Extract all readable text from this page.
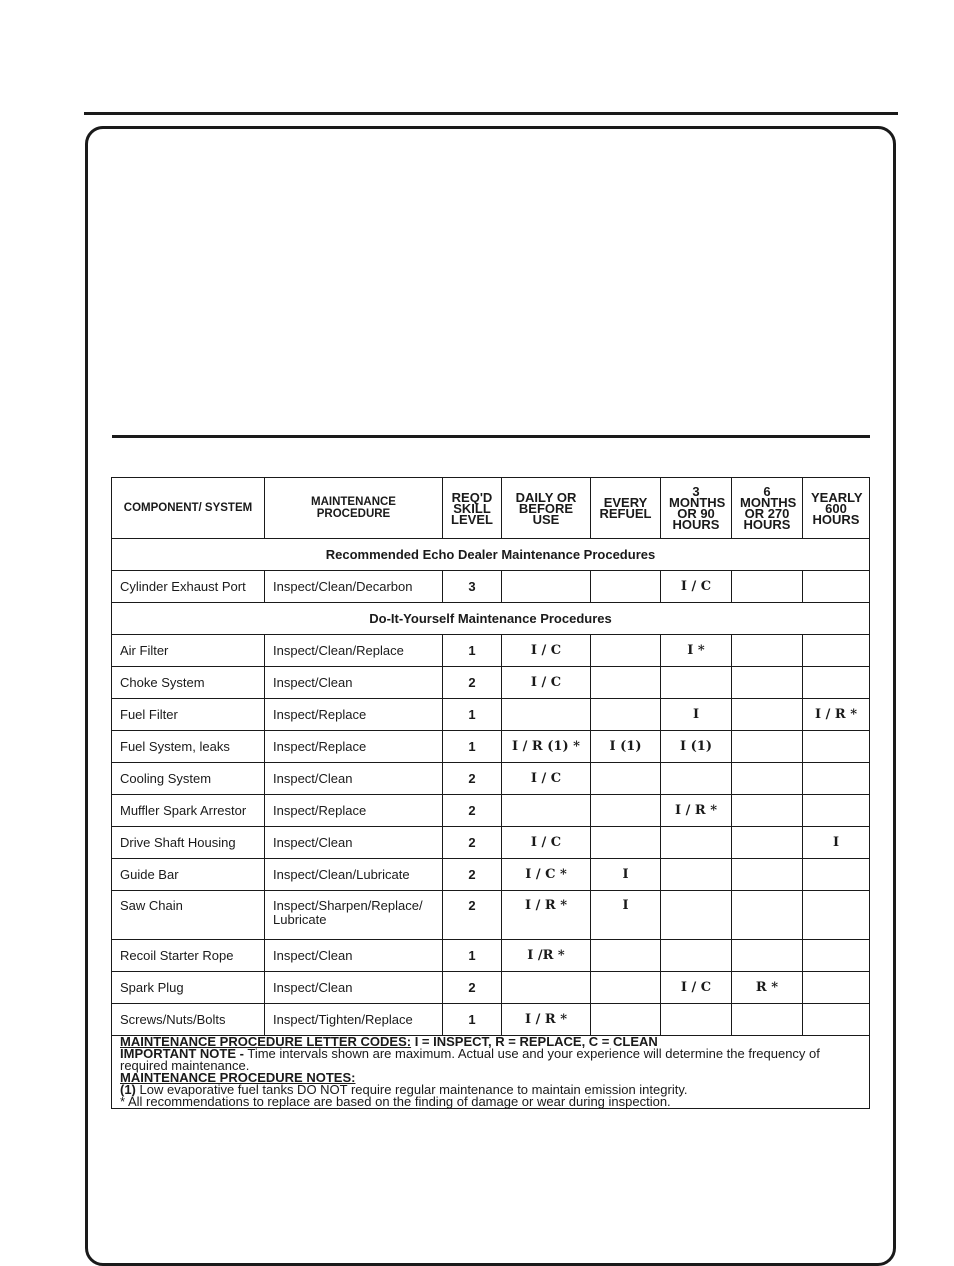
COMPONENT/ SYSTEM	MAINTENANCE PROCEDURE	REQ'D SKILL LEVEL	DAILY OR BEFORE USE	EVERY REFUEL	3 MONTHS OR 90 HOURS	6 MONTHS OR 270 HOURS	YEARLY 600 HOURS
Recommended Echo Dealer Maintenance Procedures							
Cylinder Exhaust Port	Inspect/Clean/Decarbon	3			I / C		
Do-It-Yourself Maintenance Procedures							
Air Filter	Inspect/Clean/Replace	1	I / C		I *		
Choke System	Inspect/Clean	2	I / C				
Fuel Filter	Inspect/Replace	1			I		I / R *
Fuel System, leaks	Inspect/Replace	1	I / R (1) *	I (1)	I (1)		
Cooling System	Inspect/Clean	2	I / C				
Muffler Spark Arrestor	Inspect/Replace	2			I / R *		
Drive Shaft Housing	Inspect/Clean	2	I / C				I
Guide Bar	Inspect/Clean/Lubricate	2	I / C *	I			
Saw Chain	Inspect/Sharpen/Replace/ Lubricate	2	I / R *	I			
Recoil Starter Rope	Inspect/Clean	1	I /R *				
Spark Plug	Inspect/Clean	2			I / C	R *	
Screws/Nuts/Bolts	Inspect/Tighten/Replace	1	I / R *				

MAINTENANCE PROCEDURE LETTER CODES: I = INSPECT, R = REPLACE, C = CLEAN
IMPORTANT NOTE - Time intervals shown are maximum. Actual use and your experience will determine the frequency of required maintenance.
MAINTENANCE PROCEDURE NOTES:
(1) Low evaporative fuel tanks DO NOT require regular maintenance to maintain emission integrity.
* All recommendations to replace are based on the finding of damage or wear during inspection.							
